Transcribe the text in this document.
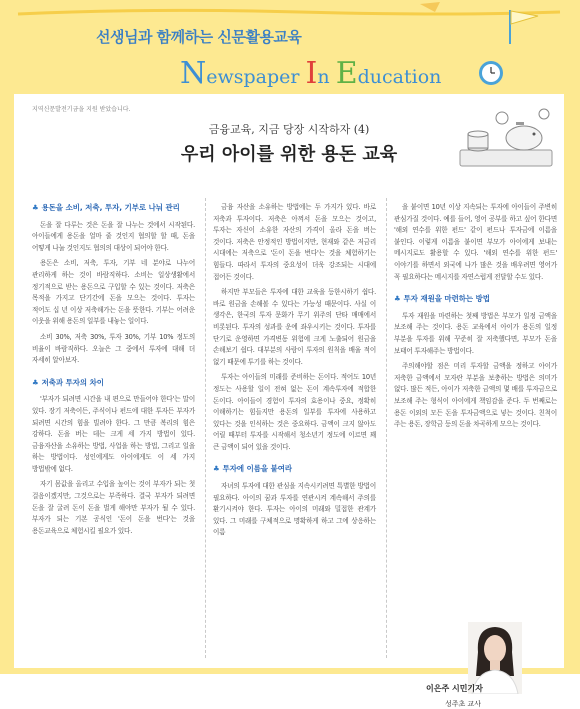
선생님과 함께하는 신문활용교육
Newspaper In Education
지역신문발전기금을 지원 받았습니다.
금융교육, 지금 당장 시작하자 (4)
우리 아이를 위한 용돈 교육
♣ 용돈을 소비, 저축, 투자, 기부로 나눠 관리

돈을 잘 다루는 것은 돈을 잘 나누는 것에서 시작된다. 아이들에게 용돈을 얼마 줄 것인지 협의할 할 때, 돈을 어떻게 나눌 것인지도 협의의 대상이 되어야 한다.

용돈은 소비, 저축, 투자, 기부 네 분야로 나누어 관리하게 하는 것이 바람직하다. 소비는 일상생활에서 정기적으로 받는 용돈으로 구입할 수 있는 것이다. 저축은 목적을 가지고 단기간에 돈을 모으는 것이다. 투자는 적어도 십 년 이상 저축해가는 돈을 뜻한다. 기부는 어려운 이웃을 위해 용돈의 일부를 내놓는 일이다.

소비 30%, 저축 30%, 투자 30%, 기부 10% 정도의 비율이 바람직하다. 오늘은 그 중에서 투자에 대해 더 자세히 알아보자.

♣ 저축과 투자의 차이

'부자가 되려면 시간을 내 편으로 만들어야 한다'는 말이 있다. 장기 저축이든, 주식이나 펀드에 대한 투자든 부자가 되려면 시간의 힘을 빌려야 한다. 그 만큼 복리의 힘은 강하다. 돈을 버는 데는 크게 세 가지 방법이 있다. 금융자산을 소유하는 방법, 사업을 하는 방법, 그리고 일을 하는 방법이다. 성인에게도 아이에게도 이 세 가지 방법밖에 없다.

자기 몸값을 올리고 수입을 높이는 것이 부자가 되는 첫 걸음이겠지만, 그것으로는 부족하다. 결국 부자가 되려면 돈을 잘 굴려 돈이 돈을 벌게 해야만 부자가 될 수 있다. 부자가 되는 기본 공식인 '돈이 돈을 번다'는 것을 용돈교육으로 체험시킬 필요가 있다.

금융 자산을 소유하는 방법에는 두 가지가 있다. 바로 저축과 투자이다. 저축은 아껴서 돈을 모으는 것이고, 투자는 자신이 소유한 자산의 가격이 올라 돈을 버는 것이다. 저축은 안정적인 방법이지만, 현재와 같은 저금리 시대에는 저축으로 '돈이 돈을 번다'는 것을 체험하기는 힘들다. 따라서 투자의 중요성이 더욱 강조되는 시대에 접어든 것이다.

하지만 부모들은 투자에 대한 교육을 등한시하기 쉽다. 바로 원금을 손해볼 수 있다는 가능성 때문이다. 사실 이 생각은, 한국의 투자 문화가 무기 위주의 단타 매매에서 비롯된다. 투자의 성과를 운에 좌우시키는 것이다. 투자를 단기로 운영하면 가격변동 위험에 크게 노출되어 원금을 손해보기 쉽다. 대부분의 사람이 투자의 원칙을 배울 적이 없기 때문에 투기를 하는 것이다.

투자는 아이들의 미래를 준비하는 돈이다. 적어도 10년 정도는 사용할 일이 전혀 없는 돈이 계속투자에 적합한 돈이다. 아이들이 경험이 투자의 효용이나 중요, 정확히 이해하기는 힘들지만 용돈의 일부를 투자에 사용하고 있다는 것을 인식하는 것은 중요하다. 금액이 크지 않아도 어릴 때부터 투자를 시작해서 청소년기 정도에 이르면 꽤 큰 금액이 되어 있을 것이다.

♣ 투자에 이름을 붙여라

자녀의 투자에 대한 관심을 지속시키려면 특별한 방법이 필요하다. 아이의 꿈과 투자를 연관시켜 계속해서 주의를 환기시켜야 한다. 투자는 아이의 미래와 밀접한 관계가 있다. 그 미래를 구체적으로 명확하게 하고 그에 상응하는 이름

을 붙이면 10년 이상 지속되는 투자에 아이들이 주변히 관심가질 것이다. 예를 들어, 영어 공부를 하고 싶어 한다면 '해외 연수를 위한 펀드' 같이 펀드나 투자금에 이름을 붙인다. 이렇게 이름을 붙이면 부모가 아이에게 보내는 메시지로도 활용할 수 있다. '해외 연수를 위한 펀드' 이야기를 하면서 외국에 나가 많은 것을 배우려면 영어가 꼭 필요하다는 메시지를 자연스럽게 전달할 수도 있다.

♣ 투자 재원을 마련하는 방법

투자 재원을 마련하는 첫째 방법은 부모가 일정 금액을 보조해 주는 것이다. 용돈 교육에서 아이가 용돈의 일정 부분을 투자를 위해 꾸준히 잘 저축했다면, 부모가 돈을 보태어 투자해주는 방법이다.

주의해야할 점은 미리 투자할 금액을 정하고 아이가 저축한 금액에서 모자란 부분을 보충하는 방법은 의미가 없다. 많든 적든, 아이가 저축한 금액의 몇 배를 투자금으로 보조해 주는 형식이 아이에게 책임감을 준다. 두 번째로는 용돈 이외의 모든 돈을 투자금액으로 넣는 것이다. 친척이 주는 용돈, 장학금 등의 돈을 차곡하게 모으는 것이다.

이은주 시민기자
성주초 교사
